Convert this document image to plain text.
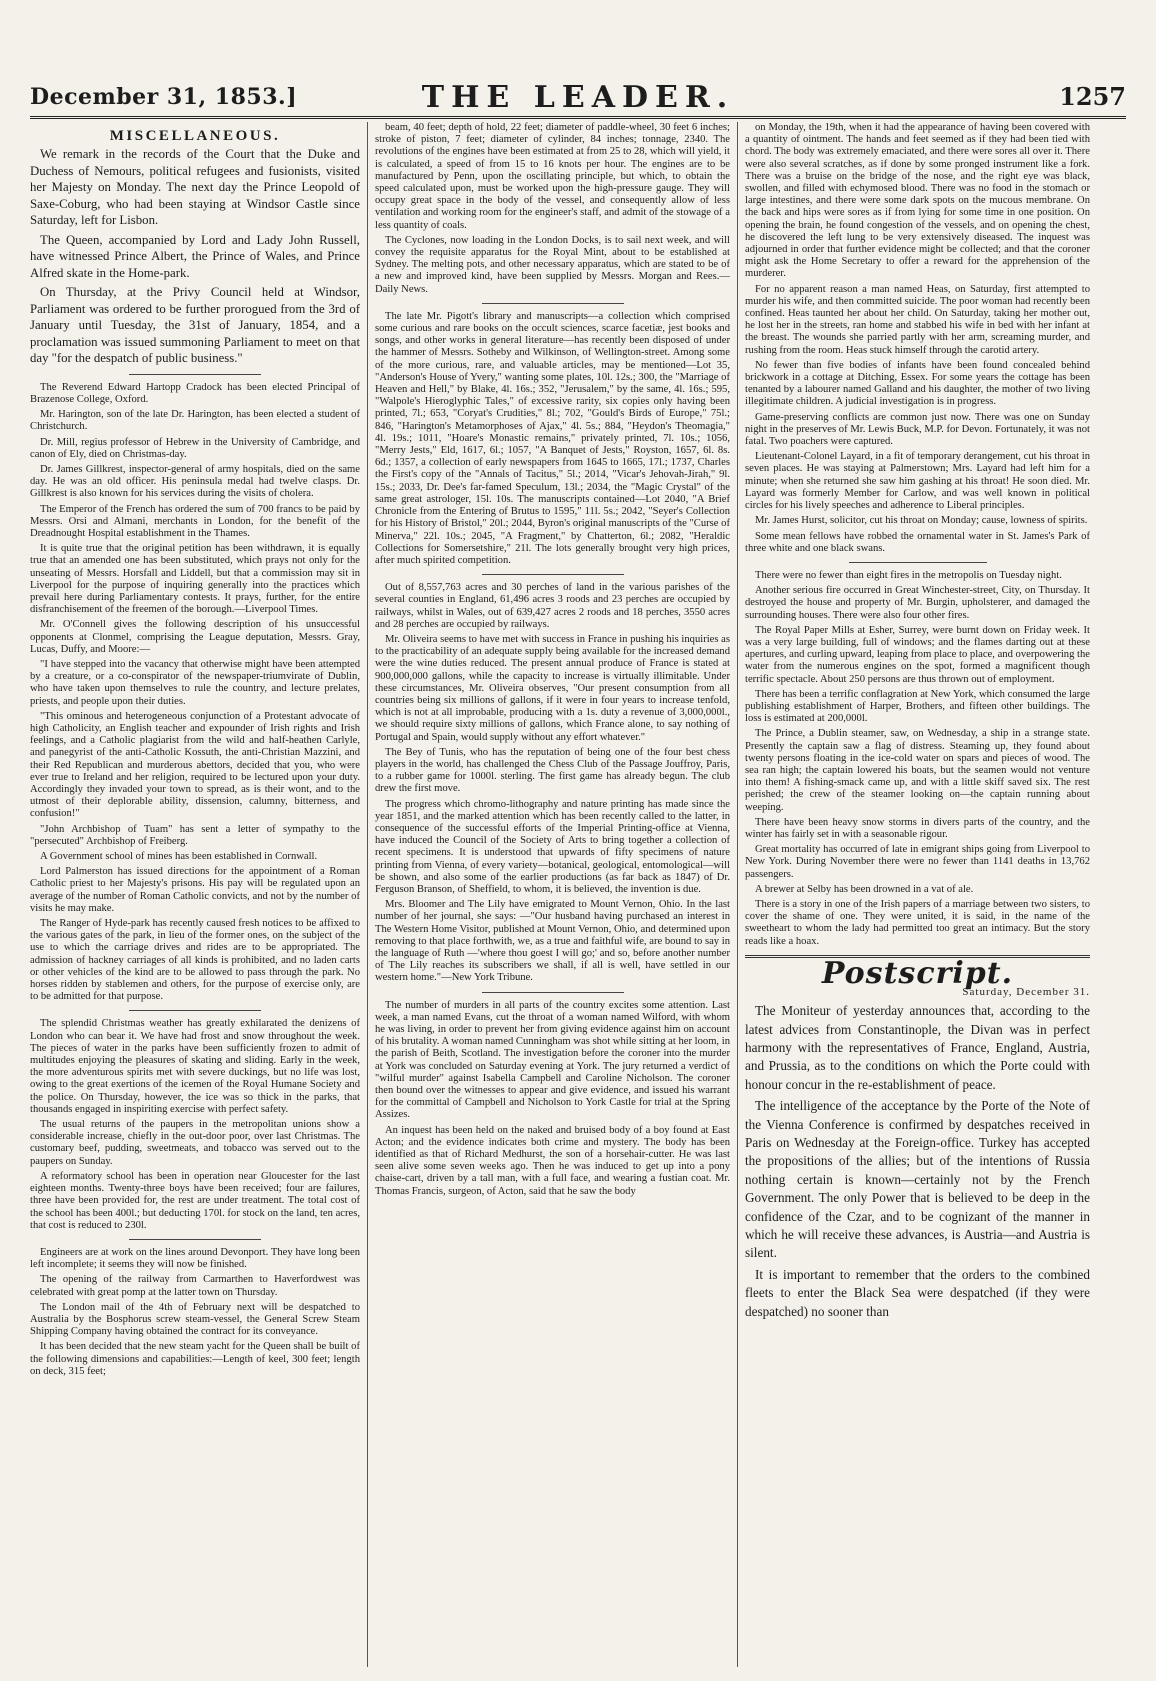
December 31, 1853.]	THE LEADER.	1257
MISCELLANEOUS.

We remark in the records of the Court that the Duke and Duchess of Nemours, political refugees and fusionists, visited her Majesty on Monday. The next day the Prince Leopold of Saxe-Coburg, who had been staying at Windsor Castle since Saturday, left for Lisbon.

The Queen, accompanied by Lord and Lady John Russell, have witnessed Prince Albert, the Prince of Wales, and Prince Alfred skate in the Home-park.

On Thursday, at the Privy Council held at Windsor, Parliament was ordered to be further prorogued from the 3rd of January until Tuesday, the 31st of January, 1854, and a proclamation was issued summoning Parliament to meet on that day "for the despatch of public business."

The Reverend Edward Hartopp Cradock has been elected Principal of Brazenose College, Oxford.

Mr. Harington, son of the late Dr. Harington, has been elected a student of Christchurch.

Dr. Mill, regius professor of Hebrew in the University of Cambridge, and canon of Ely, died on Christmas-day.

Dr. James Gillkrest, inspector-general of army hospitals, died on the same day. He was an old officer. His peninsula medal had twelve clasps. Dr. Gillkrest is also known for his services during the visits of cholera.

The Emperor of the French has ordered the sum of 700 francs to be paid by Messrs. Orsi and Almani, merchants in London, for the benefit of the Dreadnought Hospital establishment in the Thames.

It is quite true that the original petition has been withdrawn, it is equally true that an amended one has been substituted, which prays not only for the unseating of Messrs. Horsfall and Liddell, but that a commission may sit in Liverpool for the purpose of inquiring generally into the practices which prevail here during Parliamentary contests. It prays, further, for the entire disfranchisement of the freemen of the borough.—Liverpool Times.

Mr. O'Connell gives the following description of his unsuccessful opponents at Clonmel, comprising the League deputation, Messrs. Gray, Lucas, Duffy, and Moore:—

"I have stepped into the vacancy that otherwise might have been attempted by a creature, or a co-conspirator of the newspaper-triumvirate of Dublin, who have taken upon themselves to rule the country, and lecture prelates, priests, and people upon their duties.

"This ominous and heterogeneous conjunction of a Protestant advocate of high Catholicity, an English teacher and expounder of Irish rights and Irish feelings, and a Catholic plagiarist from the wild and half-heathen Carlyle, and panegyrist of the anti-Catholic Kossuth, the anti-Christian Mazzini, and their Red Republican and murderous abettors, decided that you, who were ever true to Ireland and her religion, required to be lectured upon your duty. Accordingly they invaded your town to spread, as is their wont, and to the utmost of their deplorable ability, dissension, calumny, bitterness, and confusion!"

"John Archbishop of Tuam" has sent a letter of sympathy to the "persecuted" Archbishop of Freiberg.

A Government school of mines has been established in Cornwall.

Lord Palmerston has issued directions for the appointment of a Roman Catholic priest to her Majesty's prisons. His pay will be regulated upon an average of the number of Roman Catholic convicts, and not by the number of visits he may make.

The Ranger of Hyde-park has recently caused fresh notices to be affixed to the various gates of the park, in lieu of the former ones, on the subject of the use to which the carriage drives and rides are to be appropriated. The admission of hackney carriages of all kinds is prohibited, and no laden carts or other vehicles of the kind are to be allowed to pass through the park. No horses ridden by stablemen and others, for the purpose of exercise only, are to be admitted for that purpose.

The splendid Christmas weather has greatly exhilarated the denizens of London who can bear it. We have had frost and snow throughout the week. The pieces of water in the parks have been sufficiently frozen to admit of multitudes enjoying the pleasures of skating and sliding. Early in the week, the more adventurous spirits met with severe duckings, but no life was lost, owing to the great exertions of the icemen of the Royal Humane Society and the police. On Thursday, however, the ice was so thick in the parks, that thousands engaged in inspiriting exercise with perfect safety.

The usual returns of the paupers in the metropolitan unions show a considerable increase, chiefly in the out-door poor, over last Christmas. The customary beef, pudding, sweetmeats, and tobacco was served out to the paupers on Sunday.

A reformatory school has been in operation near Gloucester for the last eighteen months. Twenty-three boys have been received; four are failures, three have been provided for, the rest are under treatment. The total cost of the school has been 400l.; but deducting 170l. for stock on the land, ten acres, that cost is reduced to 230l.

Engineers are at work on the lines around Devonport. They have long been left incomplete; it seems they will now be finished.

The opening of the railway from Carmarthen to Haverfordwest was celebrated with great pomp at the latter town on Thursday.

The London mail of the 4th of February next will be despatched to Australia by the Bosphorus screw steam-vessel, the General Screw Steam Shipping Company having obtained the contract for its conveyance.

It has been decided that the new steam yacht for the Queen shall be built of the following dimensions and capabilities:—Length of keel, 300 feet; length on deck, 315 feet;

beam, 40 feet; depth of hold, 22 feet; diameter of paddle-wheel, 30 feet 6 inches; stroke of piston, 7 feet; diameter of cylinder, 84 inches; tonnage, 2340. The revolutions of the engines have been estimated at from 25 to 28, which will yield, it is calculated, a speed of from 15 to 16 knots per hour. The engines are to be manufactured by Penn, upon the oscillating principle, but which, to obtain the speed calculated upon, must be worked upon the high-pressure gauge. They will occupy great space in the body of the vessel, and consequently allow of less ventilation and working room for the engineer's staff, and admit of the stowage of a less quantity of coals.

The Cyclones, now loading in the London Docks, is to sail next week, and will convey the requisite apparatus for the Royal Mint, about to be established at Sydney. The melting pots, and other necessary apparatus, which are stated to be of a new and improved kind, have been supplied by Messrs. Morgan and Rees.—Daily News.

The late Mr. Pigott's library and manuscripts—a collection which comprised some curious and rare books on the occult sciences, scarce facetiæ, jest books and songs, and other works in general literature—has recently been disposed of under the hammer of Messrs. Sotheby and Wilkinson, of Wellington-street. Among some of the more curious, rare, and valuable articles, may be mentioned—Lot 35, "Anderson's House of Yvery," wanting some plates, 10l. 12s.; 300, the "Marriage of Heaven and Hell," by Blake, 4l. 16s.; 352, "Jerusalem," by the same, 4l. 16s.; 595, "Walpole's Hieroglyphic Tales," of excessive rarity, six copies only having been printed, 7l.; 653, "Coryat's Crudities," 8l.; 702, "Gould's Birds of Europe," 75l.; 846, "Harington's Metamorphoses of Ajax," 4l. 5s.; 884, "Heydon's Theomagia," 4l. 19s.; 1011, "Hoare's Monastic remains," privately printed, 7l. 10s.; 1056, "Merry Jests," Eld, 1617, 6l.; 1057, "A Banquet of Jests," Royston, 1657, 6l. 8s. 6d.; 1357, a collection of early newspapers from 1645 to 1665, 17l.; 1737, Charles the First's copy of the "Annals of Tacitus," 5l.; 2014, "Vicar's Jehovah-Jirah," 9l. 15s.; 2033, Dr. Dee's far-famed Speculum, 13l.; 2034, the "Magic Crystal" of the same great astrologer, 15l. 10s. The manuscripts contained—Lot 2040, "A Brief Chronicle from the Entering of Brutus to 1595," 11l. 5s.; 2042, "Seyer's Collection for his History of Bristol," 20l.; 2044, Byron's original manuscripts of the "Curse of Minerva," 22l. 10s.; 2045, "A Fragment," by Chatterton, 6l.; 2082, "Heraldic Collections for Somersetshire," 21l. The lots generally brought very high prices, after much spirited competition.

Out of 8,557,763 acres and 30 perches of land in the various parishes of the several counties in England, 61,496 acres 3 roods and 23 perches are occupied by railways, whilst in Wales, out of 639,427 acres 2 roods and 18 perches, 3550 acres and 28 perches are occupied by railways.

Mr. Oliveira seems to have met with success in France in pushing his inquiries as to the practicability of an adequate supply being available for the increased demand were the wine duties reduced. The present annual produce of France is stated at 900,000,000 gallons, while the capacity to increase is virtually illimitable. Under these circumstances, Mr. Oliveira observes, "Our present consumption from all countries being six millions of gallons, if it were in four years to increase tenfold, which is not at all improbable, producing with a 1s. duty a revenue of 3,000,000l., we should require sixty millions of gallons, which France alone, to say nothing of Portugal and Spain, would supply without any effort whatever."

The Bey of Tunis, who has the reputation of being one of the four best chess players in the world, has challenged the Chess Club of the Passage Jouffroy, Paris, to a rubber game for 1000l. sterling. The first game has already begun. The club drew the first move.

The progress which chromo-lithography and nature printing has made since the year 1851, and the marked attention which has been recently called to the latter, in consequence of the successful efforts of the Imperial Printing-office at Vienna, have induced the Council of the Society of Arts to bring together a collection of recent specimens. It is understood that upwards of fifty specimens of nature printing from Vienna, of every variety—botanical, geological, entomological—will be shown, and also some of the earlier productions (as far back as 1847) of Dr. Ferguson Branson, of Sheffield, to whom, it is believed, the invention is due.

Mrs. Bloomer and The Lily have emigrated to Mount Vernon, Ohio. In the last number of her journal, she says: —"Our husband having purchased an interest in The Western Home Visitor, published at Mount Vernon, Ohio, and determined upon removing to that place forthwith, we, as a true and faithful wife, are bound to say in the language of Ruth —'where thou goest I will go;' and so, before another number of The Lily reaches its subscribers we shall, if all is well, have settled in our western home."—New York Tribune.

The number of murders in all parts of the country excites some attention. Last week, a man named Evans, cut the throat of a woman named Wilford, with whom he was living, in order to prevent her from giving evidence against him on account of his brutality. A woman named Cunningham was shot while sitting at her loom, in the parish of Beith, Scotland. The investigation before the coroner into the murder at York was concluded on Saturday evening at York. The jury returned a verdict of "wilful murder" against Isabella Campbell and Caroline Nicholson. The coroner then bound over the witnesses to appear and give evidence, and issued his warrant for the committal of Campbell and Nicholson to York Castle for trial at the Spring Assizes.

An inquest has been held on the naked and bruised body of a boy found at East Acton; and the evidence indicates both crime and mystery. The body has been identified as that of Richard Medhurst, the son of a horsehair-cutter. He was last seen alive some seven weeks ago. Then he was induced to get up into a pony chaise-cart, driven by a tall man, with a full face, and wearing a fustian coat. Mr. Thomas Francis, surgeon, of Acton, said that he saw the body

on Monday, the 19th, when it had the appearance of having been covered with a quantity of ointment. The hands and feet seemed as if they had been tied with chord. The body was extremely emaciated, and there were sores all over it. There were also several scratches, as if done by some pronged instrument like a fork. There was a bruise on the bridge of the nose, and the right eye was black, swollen, and filled with echymosed blood. There was no food in the stomach or large intestines, and there were some dark spots on the mucous membrane. On the back and hips were sores as if from lying for some time in one position. On opening the brain, he found congestion of the vessels, and on opening the chest, he discovered the left lung to be very extensively diseased. The inquest was adjourned in order that further evidence might be collected; and that the coroner might ask the Home Secretary to offer a reward for the apprehension of the murderer.

For no apparent reason a man named Heas, on Saturday, first attempted to murder his wife, and then committed suicide. The poor woman had recently been confined. Heas taunted her about her child. On Saturday, taking her mother out, he lost her in the streets, ran home and stabbed his wife in bed with her infant at the breast. The wounds she parried partly with her arm, screaming murder, and rushing from the room. Heas stuck himself through the carotid artery.

No fewer than five bodies of infants have been found concealed behind brickwork in a cottage at Ditching, Essex. For some years the cottage has been tenanted by a labourer named Galland and his daughter, the mother of two living illegitimate children. A judicial investigation is in progress.

Game-preserving conflicts are common just now. There was one on Sunday night in the preserves of Mr. Lewis Buck, M.P. for Devon. Fortunately, it was not fatal. Two poachers were captured.

Lieutenant-Colonel Layard, in a fit of temporary derangement, cut his throat in seven places. He was staying at Palmerstown; Mrs. Layard had left him for a minute; when she returned she saw him gashing at his throat! He soon died. Mr. Layard was formerly Member for Carlow, and was well known in political circles for his lively speeches and adherence to Liberal principles.

Mr. James Hurst, solicitor, cut his throat on Monday; cause, lowness of spirits.

Some mean fellows have robbed the ornamental water in St. James's Park of three white and one black swans.

There were no fewer than eight fires in the metropolis on Tuesday night.

Another serious fire occurred in Great Winchester-street, City, on Thursday. It destroyed the house and property of Mr. Burgin, upholsterer, and damaged the surrounding houses. There were also four other fires.

The Royal Paper Mills at Esher, Surrey, were burnt down on Friday week. It was a very large building, full of windows; and the flames darting out at these apertures, and curling upward, leaping from place to place, and overpowering the water from the numerous engines on the spot, formed a magnificent though terrific spectacle. About 250 persons are thus thrown out of employment.

There has been a terrific conflagration at New York, which consumed the large publishing establishment of Harper, Brothers, and fifteen other buildings. The loss is estimated at 200,000l.

The Prince, a Dublin steamer, saw, on Wednesday, a ship in a strange state. Presently the captain saw a flag of distress. Steaming up, they found about twenty persons floating in the ice-cold water on spars and pieces of wood. The sea ran high; the captain lowered his boats, but the seamen would not venture into them! A fishing-smack came up, and with a little skiff saved six. The rest perished; the crew of the steamer looking on—the captain running about weeping.

There have been heavy snow storms in divers parts of the country, and the winter has fairly set in with a seasonable rigour.

Great mortality has occurred of late in emigrant ships going from Liverpool to New York. During November there were no fewer than 1141 deaths in 13,762 passengers.

A brewer at Selby has been drowned in a vat of ale.

There is a story in one of the Irish papers of a marriage between two sisters, to cover the shame of one. They were united, it is said, in the name of the sweetheart to whom the lady had permitted too great an intimacy. But the story reads like a hoax.

Postscript.
Saturday, December 31.

The Moniteur of yesterday announces that, according to the latest advices from Constantinople, the Divan was in perfect harmony with the representatives of France, England, Austria, and Prussia, as to the conditions on which the Porte could with honour concur in the re-establishment of peace.

The intelligence of the acceptance by the Porte of the Note of the Vienna Conference is confirmed by despatches received in Paris on Wednesday at the Foreign-office. Turkey has accepted the propositions of the allies; but of the intentions of Russia nothing certain is known—certainly not by the French Government. The only Power that is believed to be deep in the confidence of the Czar, and to be cognizant of the manner in which he will receive these advances, is Austria—and Austria is silent.

It is important to remember that the orders to the combined fleets to enter the Black Sea were despatched (if they were despatched) no sooner than
